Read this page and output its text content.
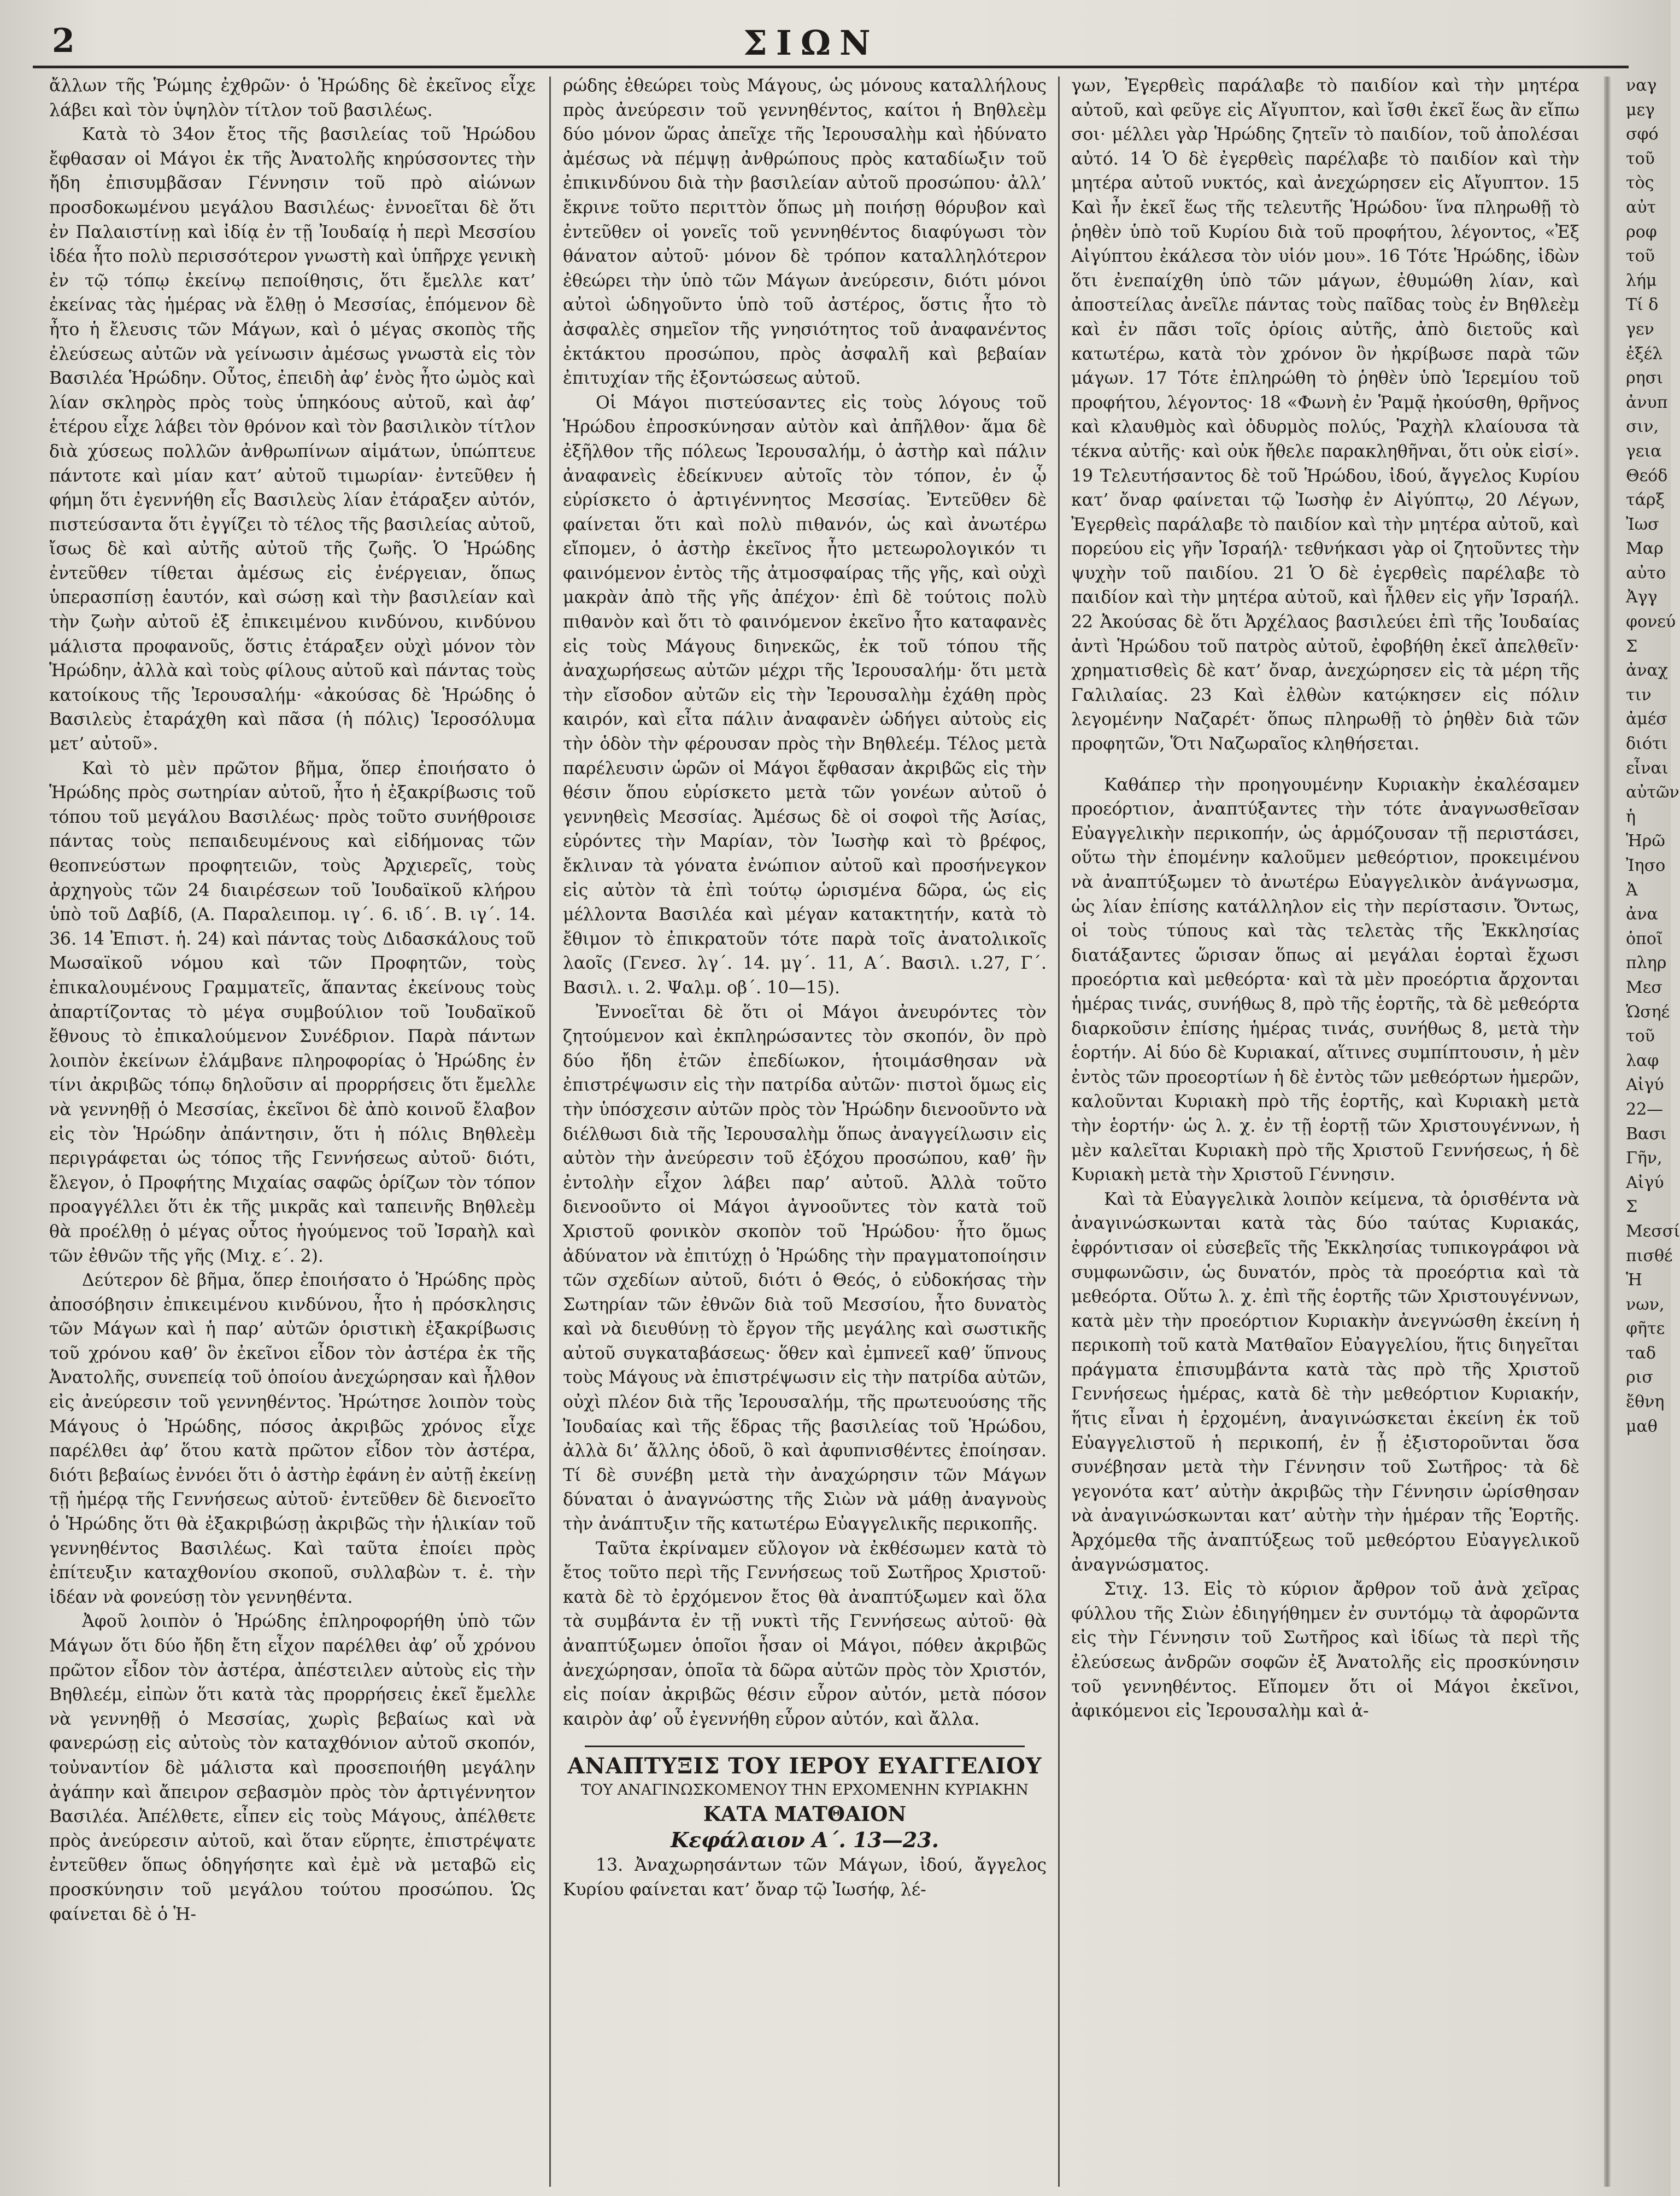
2	ΣΙΩΝ

ἄλλων τῆς Ῥώμης ἐχθρῶν· ὁ Ἡρώδης δὲ ἐκεῖνος εἶχε λάβει καὶ τὸν ὑψηλὸν τίτλον τοῦ βασιλέως.

Κατὰ τὸ 34ον ἔτος τῆς βασιλείας τοῦ Ἡρώδου ἔφθασαν οἱ Μάγοι ἐκ τῆς Ἀνατολῆς κηρύσσοντες τὴν ἤδη ἐπισυμβᾶσαν Γέννησιν τοῦ πρὸ αἰώνων προσδοκωμένου μεγάλου Βασιλέως· ἐννοεῖται δὲ ὅτι ἐν Παλαιστίνῃ καὶ ἰδίᾳ ἐν τῇ Ἰουδαίᾳ ἡ περὶ Μεσσίου ἰδέα ἦτο πολὺ περισσότερον γνωστὴ καὶ ὑπῆρχε γενικὴ ἐν τῷ τόπῳ ἐκείνῳ πεποίθησις, ὅτι ἔμελλε κατ’ ἐκείνας τὰς ἡμέρας νὰ ἔλθῃ ὁ Μεσσίας, ἑπόμενον δὲ ἦτο ἡ ἔλευσις τῶν Μάγων, καὶ ὁ μέγας σκοπὸς τῆς ἐλεύσεως αὐτῶν νὰ γείνωσιν ἀμέσως γνωστὰ εἰς τὸν Βασιλέα Ἡρώδην. Οὗτος, ἐπειδὴ ἀφ’ ἑνὸς ἦτο ὠμὸς καὶ λίαν σκληρὸς πρὸς τοὺς ὑπηκόους αὐτοῦ, καὶ ἀφ’ ἑτέρου εἶχε λάβει τὸν θρόνον καὶ τὸν βασιλικὸν τίτλον διὰ χύσεως πολλῶν ἀνθρωπίνων αἱμάτων, ὑπώπτευε πάντοτε καὶ μίαν κατ’ αὐτοῦ τιμωρίαν· ἐντεῦθεν ἡ φήμη ὅτι ἐγεννήθη εἷς Βασιλεὺς λίαν ἐτάραξεν αὐτόν, πιστεύσαντα ὅτι ἐγγίζει τὸ τέλος τῆς βασιλείας αὐτοῦ, ἴσως δὲ καὶ αὐτῆς αὐτοῦ τῆς ζωῆς. Ὁ Ἡρώδης ἐντεῦθεν τίθεται ἀμέσως εἰς ἐνέργειαν, ὅπως ὑπερασπίσῃ ἑαυτόν, καὶ σώσῃ καὶ τὴν βασιλείαν καὶ τὴν ζωὴν αὐτοῦ ἐξ ἐπικειμένου κινδύνου, κινδύνου μάλιστα προφανοῦς, ὅστις ἐτάραξεν οὐχὶ μόνον τὸν Ἡρώδην, ἀλλὰ καὶ τοὺς φίλους αὐτοῦ καὶ πάντας τοὺς κατοίκους τῆς Ἰερουσαλήμ· «ἀκούσας δὲ Ἡρώδης ὁ Βασιλεὺς ἐταράχθη καὶ πᾶσα (ἡ πόλις) Ἱεροσόλυμα μετ’ αὐτοῦ».

Καὶ τὸ μὲν πρῶτον βῆμα, ὅπερ ἐποιήσατο ὁ Ἡρώδης πρὸς σωτηρίαν αὐτοῦ, ἦτο ἡ ἐξακρίβωσις τοῦ τόπου τοῦ μεγάλου Βασιλέως· πρὸς τοῦτο συνήθροισε πάντας τοὺς πεπαιδευμένους καὶ εἰδήμονας τῶν θεοπνεύστων προφητειῶν, τοὺς Ἀρχιερεῖς, τοὺς ἀρχηγοὺς τῶν 24 διαιρέσεων τοῦ Ἰουδαϊκοῦ κλήρου ὑπὸ τοῦ Δαβίδ, (Α. Παραλειπομ. ιγ΄. 6. ιδ΄. Β. ιγ΄. 14. 36. 14 Ἐπιστ. ἡ. 24) καὶ πάντας τοὺς Διδασκάλους τοῦ Μωσαϊκοῦ νόμου καὶ τῶν Προφητῶν, τοὺς ἐπικαλουμένους Γραμματεῖς, ἅπαντας ἐκείνους τοὺς ἀπαρτίζοντας τὸ μέγα συμβούλιον τοῦ Ἰουδαϊκοῦ ἔθνους τὸ ἐπικαλούμενον Συνέδριον. Παρὰ πάντων λοιπὸν ἐκείνων ἐλάμβανε πληροφορίας ὁ Ἡρώδης ἐν τίνι ἀκριβῶς τόπῳ δηλοῦσιν αἱ προρρήσεις ὅτι ἔμελλε νὰ γεννηθῇ ὁ Μεσσίας, ἐκεῖνοι δὲ ἀπὸ κοινοῦ ἔλαβον εἰς τὸν Ἡρώδην ἀπάντησιν, ὅτι ἡ πόλις Βηθλεὲμ περιγράφεται ὡς τόπος τῆς Γεννήσεως αὐτοῦ· διότι, ἔλεγον, ὁ Προφήτης Μιχαίας σαφῶς ὁρίζων τὸν τόπον προαγγέλλει ὅτι ἐκ τῆς μικρᾶς καὶ ταπεινῆς Βηθλεὲμ θὰ προέλθῃ ὁ μέγας οὗτος ἡγούμενος τοῦ Ἰσραὴλ καὶ τῶν ἐθνῶν τῆς γῆς (Μιχ. ε΄. 2).

Δεύτερον δὲ βῆμα, ὅπερ ἐποιήσατο ὁ Ἡρώδης πρὸς ἀποσόβησιν ἐπικειμένου κινδύνου, ἦτο ἡ πρόσκλησις τῶν Μάγων καὶ ἡ παρ’ αὐτῶν ὁριστικὴ ἐξακρίβωσις τοῦ χρόνου καθ’ ὃν ἐκεῖνοι εἶδον τὸν ἀστέρα ἐκ τῆς Ἀνατολῆς, συνεπείᾳ τοῦ ὁποίου ἀνεχώρησαν καὶ ἦλθον εἰς ἀνεύρεσιν τοῦ γεννηθέντος. Ἠρώτησε λοιπὸν τοὺς Μάγους ὁ Ἡρώδης, πόσος ἀκριβῶς χρόνος εἶχε παρέλθει ἀφ’ ὅτου κατὰ πρῶτον εἶδον τὸν ἀστέρα, διότι βεβαίως ἐννόει ὅτι ὁ ἀστὴρ ἐφάνη ἐν αὐτῇ ἐκείνῃ τῇ ἡμέρᾳ τῆς Γεννήσεως αὐτοῦ· ἐντεῦθεν δὲ διενοεῖτο ὁ Ἡρώδης ὅτι θὰ ἐξακριβώσῃ ἀκριβῶς τὴν ἡλικίαν τοῦ γεννηθέντος Βασιλέως. Καὶ ταῦτα ἐποίει πρὸς ἐπίτευξιν καταχθονίου σκοποῦ, συλλαβὼν τ. ἐ. τὴν ἰδέαν νὰ φονεύσῃ τὸν γεννηθέντα.

Ἀφοῦ λοιπὸν ὁ Ἡρώδης ἐπληροφορήθη ὑπὸ τῶν Μάγων ὅτι δύο ἤδη ἔτη εἶχον παρέλθει ἀφ’ οὗ χρόνου πρῶτον εἶδον τὸν ἀστέρα, ἀπέστειλεν αὐτοὺς εἰς τὴν Βηθλεέμ, εἰπὼν ὅτι κατὰ τὰς προρρήσεις ἐκεῖ ἔμελλε νὰ γεννηθῇ ὁ Μεσσίας, χωρὶς βεβαίως καὶ νὰ φανερώσῃ εἰς αὐτοὺς τὸν καταχθόνιον αὐτοῦ σκοπόν, τοὐναντίον δὲ μάλιστα καὶ προσεποιήθη μεγάλην ἀγάπην καὶ ἄπειρον σεβασμὸν πρὸς τὸν ἀρτιγέννητον Βασιλέα. Ἀπέλθετε, εἶπεν εἰς τοὺς Μάγους, ἀπέλθετε πρὸς ἀνεύρεσιν αὐτοῦ, καὶ ὅταν εὕρητε, ἐπιστρέψατε ἐντεῦθεν ὅπως ὁδηγήσητε καὶ ἐμὲ νὰ μεταβῶ εἰς προσκύνησιν τοῦ μεγάλου τούτου προσώπου. Ὡς φαίνεται δὲ ὁ Ἡ-

ρώδης ἐθεώρει τοὺς Μάγους, ὡς μόνους καταλλήλους πρὸς ἀνεύρεσιν τοῦ γεννηθέντος, καίτοι ἡ Βηθλεὲμ δύο μόνον ὥρας ἀπεῖχε τῆς Ἰερουσαλὴμ καὶ ἠδύνατο ἀμέσως νὰ πέμψῃ ἀνθρώπους πρὸς καταδίωξιν τοῦ ἐπικινδύνου διὰ τὴν βασιλείαν αὐτοῦ προσώπου· ἀλλ’ ἔκρινε τοῦτο περιττὸν ὅπως μὴ ποιήσῃ θόρυβον καὶ ἐντεῦθεν οἱ γονεῖς τοῦ γεννηθέντος διαφύγωσι τὸν θάνατον αὐτοῦ· μόνον δὲ τρόπον καταλληλότερον ἐθεώρει τὴν ὑπὸ τῶν Μάγων ἀνεύρεσιν, διότι μόνοι αὐτοὶ ὡδηγοῦντο ὑπὸ τοῦ ἀστέρος, ὅστις ἦτο τὸ ἀσφαλὲς σημεῖον τῆς γνησιότητος τοῦ ἀναφανέντος ἐκτάκτου προσώπου, πρὸς ἀσφαλῆ καὶ βεβαίαν ἐπιτυχίαν τῆς ἐξοντώσεως αὐτοῦ.

Οἱ Μάγοι πιστεύσαντες εἰς τοὺς λόγους τοῦ Ἡρώδου ἐπροσκύνησαν αὐτὸν καὶ ἀπῆλθον· ἅμα δὲ ἐξῆλθον τῆς πόλεως Ἰερουσαλήμ, ὁ ἀστὴρ καὶ πάλιν ἀναφανεὶς ἐδείκνυεν αὐτοῖς τὸν τόπον, ἐν ᾧ εὑρίσκετο ὁ ἀρτιγέννητος Μεσσίας. Ἐντεῦθεν δὲ φαίνεται ὅτι καὶ πολὺ πιθανόν, ὡς καὶ ἀνωτέρω εἴπομεν, ὁ ἀστὴρ ἐκεῖνος ἦτο μετεωρολογικόν τι φαινόμενον ἐντὸς τῆς ἀτμοσφαίρας τῆς γῆς, καὶ οὐχὶ μακρὰν ἀπὸ τῆς γῆς ἀπέχον· ἐπὶ δὲ τούτοις πολὺ πιθανὸν καὶ ὅτι τὸ φαινόμενον ἐκεῖνο ἦτο καταφανὲς εἰς τοὺς Μάγους διηνεκῶς, ἐκ τοῦ τόπου τῆς ἀναχωρήσεως αὐτῶν μέχρι τῆς Ἰερουσαλήμ· ὅτι μετὰ τὴν εἴσοδον αὐτῶν εἰς τὴν Ἰερουσαλὴμ ἐχάθη πρὸς καιρόν, καὶ εἶτα πάλιν ἀναφανὲν ὡδήγει αὐτοὺς εἰς τὴν ὁδὸν τὴν φέρουσαν πρὸς τὴν Βηθλεέμ. Τέλος μετὰ παρέλευσιν ὡρῶν οἱ Μάγοι ἔφθασαν ἀκριβῶς εἰς τὴν θέσιν ὅπου εὑρίσκετο μετὰ τῶν γονέων αὐτοῦ ὁ γεννηθεὶς Μεσσίας. Ἀμέσως δὲ οἱ σοφοὶ τῆς Ἀσίας, εὑρόντες τὴν Μαρίαν, τὸν Ἰωσὴφ καὶ τὸ βρέφος, ἔκλιναν τὰ γόνατα ἐνώπιον αὐτοῦ καὶ προσήνεγκον εἰς αὐτὸν τὰ ἐπὶ τούτῳ ὡρισμένα δῶρα, ὡς εἰς μέλλοντα Βασιλέα καὶ μέγαν κατακτητήν, κατὰ τὸ ἔθιμον τὸ ἐπικρατοῦν τότε παρὰ τοῖς ἀνατολικοῖς λαοῖς (Γενεσ. λγ΄. 14. μγ΄. 11, Α΄. Βασιλ. ι.27, Γ΄. Βασιλ. ι. 2. Ψαλμ. οβ΄. 10—15).

Ἐννοεῖται δὲ ὅτι οἱ Μάγοι ἀνευρόντες τὸν ζητούμενον καὶ ἐκπληρώσαντες τὸν σκοπόν, ὃν πρὸ δύο ἤδη ἐτῶν ἐπεδίωκον, ἡτοιμάσθησαν νὰ ἐπιστρέψωσιν εἰς τὴν πατρίδα αὐτῶν· πιστοὶ ὅμως εἰς τὴν ὑπόσχεσιν αὐτῶν πρὸς τὸν Ἡρώδην διενοοῦντο νὰ διέλθωσι διὰ τῆς Ἰερουσαλὴμ ὅπως ἀναγγείλωσιν εἰς αὐτὸν τὴν ἀνεύρεσιν τοῦ ἐξόχου προσώπου, καθ’ ἣν ἐντολὴν εἶχον λάβει παρ’ αὐτοῦ. Ἀλλὰ τοῦτο διενοοῦντο οἱ Μάγοι ἀγνοοῦντες τὸν κατὰ τοῦ Χριστοῦ φονικὸν σκοπὸν τοῦ Ἡρώδου· ἦτο ὅμως ἀδύνατον νὰ ἐπιτύχῃ ὁ Ἡρώδης τὴν πραγματοποίησιν τῶν σχεδίων αὐτοῦ, διότι ὁ Θεός, ὁ εὐδοκήσας τὴν Σωτηρίαν τῶν ἐθνῶν διὰ τοῦ Μεσσίου, ἦτο δυνατὸς καὶ νὰ διευθύνῃ τὸ ἔργον τῆς μεγάλης καὶ σωστικῆς αὐτοῦ συγκαταβάσεως· ὅθεν καὶ ἐμπνεεῖ καθ’ ὕπνους τοὺς Μάγους νὰ ἐπιστρέψωσιν εἰς τὴν πατρίδα αὐτῶν, οὐχὶ πλέον διὰ τῆς Ἰερουσαλήμ, τῆς πρωτευούσης τῆς Ἰουδαίας καὶ τῆς ἕδρας τῆς βασιλείας τοῦ Ἡρώδου, ἀλλὰ δι’ ἄλλης ὁδοῦ, ὃ καὶ ἀφυπνισθέντες ἐποίησαν. Τί δὲ συνέβη μετὰ τὴν ἀναχώρησιν τῶν Μάγων δύναται ὁ ἀναγνώστης τῆς Σιὼν νὰ μάθῃ ἀναγνοὺς τὴν ἀνάπτυξιν τῆς κατωτέρω Εὐαγγελικῆς περικοπῆς.

Ταῦτα ἐκρίναμεν εὔλογον νὰ ἐκθέσωμεν κατὰ τὸ ἔτος τοῦτο περὶ τῆς Γεννήσεως τοῦ Σωτῆρος Χριστοῦ· κατὰ δὲ τὸ ἐρχόμενον ἔτος θὰ ἀναπτύξωμεν καὶ ὅλα τὰ συμβάντα ἐν τῇ νυκτὶ τῆς Γεννήσεως αὐτοῦ· θὰ ἀναπτύξωμεν ὁποῖοι ἦσαν οἱ Μάγοι, πόθεν ἀκριβῶς ἀνεχώρησαν, ὁποῖα τὰ δῶρα αὐτῶν πρὸς τὸν Χριστόν, εἰς ποίαν ἀκριβῶς θέσιν εὗρον αὐτόν, μετὰ πόσον καιρὸν ἀφ’ οὗ ἐγεννήθη εὗρον αὐτόν, καὶ ἄλλα.

ΑΝΑΠΤΥΞΙΣ ΤΟΥ ΙΕΡΟΥ ΕΥΑΓΓΕΛΙΟΥ
ΤΟΥ ΑΝΑΓΙΝΩΣΚΟΜΕΝΟΥ ΤΗΝ ΕΡΧΟΜΕΝΗΝ ΚΥΡΙΑΚΗΝ
ΚΑΤΑ ΜΑΤΘΑΙΟΝ
Κεφάλαιον Α΄. 13—23.

13. Ἀναχωρησάντων τῶν Μάγων, ἰδού, ἄγγελος Κυρίου φαίνεται κατ’ ὄναρ τῷ Ἰωσήφ, λέ-

γων, Ἐγερθεὶς παράλαβε τὸ παιδίον καὶ τὴν μητέρα αὐτοῦ, καὶ φεῦγε εἰς Αἴγυπτον, καὶ ἴσθι ἐκεῖ ἕως ἂν εἴπω σοι· μέλλει γὰρ Ἡρώδης ζητεῖν τὸ παιδίον, τοῦ ἀπολέσαι αὐτό. 14 Ὁ δὲ ἐγερθεὶς παρέλαβε τὸ παιδίον καὶ τὴν μητέρα αὐτοῦ νυκτός, καὶ ἀνεχώρησεν εἰς Αἴγυπτον. 15 Καὶ ἦν ἐκεῖ ἕως τῆς τελευτῆς Ἡρώδου· ἵνα πληρωθῇ τὸ ῥηθὲν ὑπὸ τοῦ Κυρίου διὰ τοῦ προφήτου, λέγοντος, «Ἐξ Αἰγύπτου ἐκάλεσα τὸν υἱόν μου». 16 Τότε Ἡρώδης, ἰδὼν ὅτι ἐνεπαίχθη ὑπὸ τῶν μάγων, ἐθυμώθη λίαν, καὶ ἀποστείλας ἀνεῖλε πάντας τοὺς παῖδας τοὺς ἐν Βηθλεὲμ καὶ ἐν πᾶσι τοῖς ὁρίοις αὐτῆς, ἀπὸ διετοῦς καὶ κατωτέρω, κατὰ τὸν χρόνον ὃν ἠκρίβωσε παρὰ τῶν μάγων. 17 Τότε ἐπληρώθη τὸ ῥηθὲν ὑπὸ Ἱερεμίου τοῦ προφήτου, λέγοντος· 18 «Φωνὴ ἐν Ῥαμᾷ ἠκούσθη, θρῆνος καὶ κλαυθμὸς καὶ ὀδυρμὸς πολύς, Ῥαχὴλ κλαίουσα τὰ τέκνα αὐτῆς· καὶ οὐκ ἤθελε παρακληθῆναι, ὅτι οὐκ εἰσί». 19 Τελευτήσαντος δὲ τοῦ Ἡρώδου, ἰδού, ἄγγελος Κυρίου κατ’ ὄναρ φαίνεται τῷ Ἰωσὴφ ἐν Αἰγύπτῳ, 20 Λέγων, Ἐγερθεὶς παράλαβε τὸ παιδίον καὶ τὴν μητέρα αὐτοῦ, καὶ πορεύου εἰς γῆν Ἰσραήλ· τεθνήκασι γὰρ οἱ ζητοῦντες τὴν ψυχὴν τοῦ παιδίου. 21 Ὁ δὲ ἐγερθεὶς παρέλαβε τὸ παιδίον καὶ τὴν μητέρα αὐτοῦ, καὶ ἦλθεν εἰς γῆν Ἰσραήλ. 22 Ἀκούσας δὲ ὅτι Ἀρχέλαος βασιλεύει ἐπὶ τῆς Ἰουδαίας ἀντὶ Ἡρώδου τοῦ πατρὸς αὐτοῦ, ἐφοβήθη ἐκεῖ ἀπελθεῖν· χρηματισθεὶς δὲ κατ’ ὄναρ, ἀνεχώρησεν εἰς τὰ μέρη τῆς Γαλιλαίας. 23 Καὶ ἐλθὼν κατῴκησεν εἰς πόλιν λεγομένην Ναζαρέτ· ὅπως πληρωθῇ τὸ ῥηθὲν διὰ τῶν προφητῶν, Ὅτι Ναζωραῖος κληθήσεται.

Καθάπερ τὴν προηγουμένην Κυριακὴν ἐκαλέσαμεν προεόρτιον, ἀναπτύξαντες τὴν τότε ἀναγνωσθεῖσαν Εὐαγγελικὴν περικοπήν, ὡς ἁρμόζουσαν τῇ περιστάσει, οὕτω τὴν ἑπομένην καλοῦμεν μεθεόρτιον, προκειμένου νὰ ἀναπτύξωμεν τὸ ἀνωτέρω Εὐαγγελικὸν ἀνάγνωσμα, ὡς λίαν ἐπίσης κατάλληλον εἰς τὴν περίστασιν. Ὄντως, οἱ τοὺς τύπους καὶ τὰς τελετὰς τῆς Ἐκκλησίας διατάξαντες ὥρισαν ὅπως αἱ μεγάλαι ἑορταὶ ἔχωσι προεόρτια καὶ μεθεόρτα· καὶ τὰ μὲν προεόρτια ἄρχονται ἡμέρας τινάς, συνήθως 8, πρὸ τῆς ἑορτῆς, τὰ δὲ μεθεόρτα διαρκοῦσιν ἐπίσης ἡμέρας τινάς, συνήθως 8, μετὰ τὴν ἑορτήν. Αἱ δύο δὲ Κυριακαί, αἵτινες συμπίπτουσιν, ἡ μὲν ἐντὸς τῶν προεορτίων ἡ δὲ ἐντὸς τῶν μεθεόρτων ἡμερῶν, καλοῦνται Κυριακὴ πρὸ τῆς ἑορτῆς, καὶ Κυριακὴ μετὰ τὴν ἑορτήν· ὡς λ. χ. ἐν τῇ ἑορτῇ τῶν Χριστουγέννων, ἡ μὲν καλεῖται Κυριακὴ πρὸ τῆς Χριστοῦ Γεννήσεως, ἡ δὲ Κυριακὴ μετὰ τὴν Χριστοῦ Γέννησιν.

Καὶ τὰ Εὐαγγελικὰ λοιπὸν κείμενα, τὰ ὁρισθέντα νὰ ἀναγινώσκωνται κατὰ τὰς δύο ταύτας Κυριακάς, ἐφρόντισαν οἱ εὐσεβεῖς τῆς Ἐκκλησίας τυπικογράφοι νὰ συμφωνῶσιν, ὡς δυνατόν, πρὸς τὰ προεόρτια καὶ τὰ μεθεόρτα. Οὕτω λ. χ. ἐπὶ τῆς ἑορτῆς τῶν Χριστουγέννων, κατὰ μὲν τὴν προεόρτιον Κυριακὴν ἀνεγνώσθη ἐκείνη ἡ περικοπὴ τοῦ κατὰ Ματθαῖον Εὐαγγελίου, ἥτις διηγεῖται πράγματα ἐπισυμβάντα κατὰ τὰς πρὸ τῆς Χριστοῦ Γεννήσεως ἡμέρας, κατὰ δὲ τὴν μεθεόρτιον Κυριακήν, ἥτις εἶναι ἡ ἐρχομένη, ἀναγινώσκεται ἐκείνη ἐκ τοῦ Εὐαγγελιστοῦ ἡ περικοπή, ἐν ᾗ ἐξιστοροῦνται ὅσα συνέβησαν μετὰ τὴν Γέννησιν τοῦ Σωτῆρος· τὰ δὲ γεγονότα κατ’ αὐτὴν ἀκριβῶς τὴν Γέννησιν ὡρίσθησαν νὰ ἀναγινώσκωνται κατ’ αὐτὴν τὴν ἡμέραν τῆς Ἑορτῆς. Ἀρχόμεθα τῆς ἀναπτύξεως τοῦ μεθεόρτου Εὐαγγελικοῦ ἀναγνώσματος.

Στιχ. 13. Εἰς τὸ κύριον ἄρθρον τοῦ ἀνὰ χεῖρας φύλλου τῆς Σιὼν ἐδιηγήθημεν ἐν συντόμῳ τὰ ἀφορῶντα εἰς τὴν Γέννησιν τοῦ Σωτῆρος καὶ ἰδίως τὰ περὶ τῆς ἐλεύσεως ἀνδρῶν σοφῶν ἐξ Ἀνατολῆς εἰς προσκύνησιν τοῦ γεννηθέντος. Εἴπομεν ὅτι οἱ Μάγοι ἐκεῖνοι, ἀφικόμενοι εἰς Ἰερουσαλὴμ καὶ ἀ-

ναγ
μεγ
σφό
τοῦ
τὸς
αὐτ
ροφ
τοῦ
λήμ
Τί δ
γεν
ἐξέλ
ρησι
ἀνυπ
σιν,
γεια
Θεόδ
τάρξ
Ἰωσ
Μαρ
αὐτο
Ἀγγ
φονεύ
Σ
ἀναχ
τιν
ἀμέσ
διότι
εἶναι
αὐτῶν
ἡ
Ἡρῶ
Ἰησο
Ἀ
ἀνα
ὁποῖ
πληρ
Μεσ
Ὡσηέ
τοῦ
λαφ
Αἰγύ
22—
Βασι
Γῆν,
Αἰγύ
Σ
Μεσσί
πισθέ
Ἡ
νων,
φῆτε
ταδ
ρισ
ἔθνη
μαθ
